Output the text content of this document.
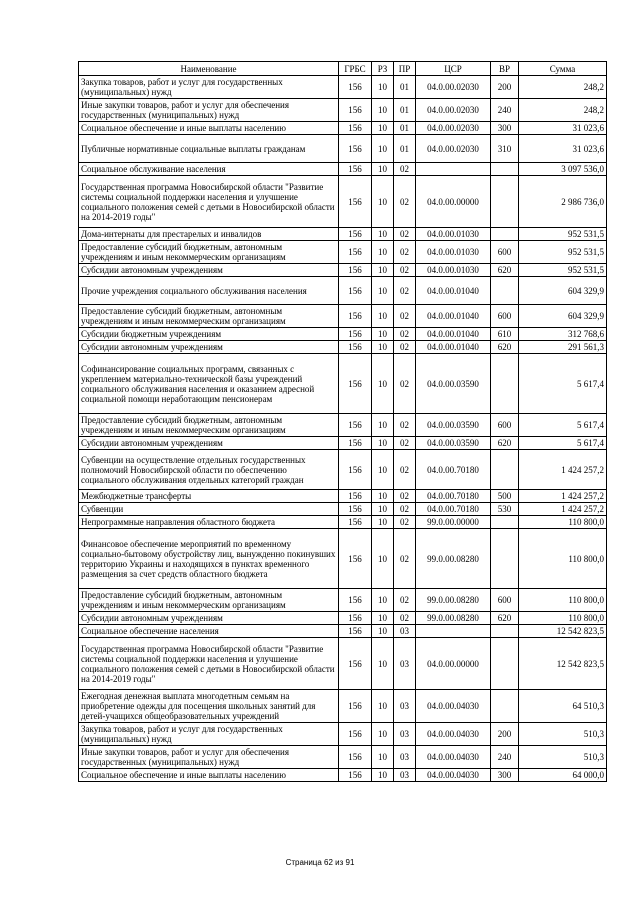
Наименование	ГРБС	РЗ	ПР	ЦСР	ВР	Сумма
Закупка товаров, работ и услуг для государственных (муниципальных) нужд	156	10	01	04.0.00.02030	200	248,2
Иные закупки товаров, работ и услуг для обеспечения государственных (муниципальных) нужд	156	10	01	04.0.00.02030	240	248,2
Социальное обеспечение и иные выплаты населению	156	10	01	04.0.00.02030	300	31 023,6
Публичные нормативные социальные выплаты гражданам	156	10	01	04.0.00.02030	310	31 023,6
Социальное обслуживание населения	156	10	02			3 097 536,0
Государственная программа Новосибирской области "Развитие системы социальной поддержки населения и улучшение социального положения семей с детьми в Новосибирской области на 2014-2019 годы"	156	10	02	04.0.00.00000		2 986 736,0
Дома-интернаты для престарелых и инвалидов	156	10	02	04.0.00.01030		952 531,5
Предоставление субсидий бюджетным, автономным учреждениям и иным некоммерческим организациям	156	10	02	04.0.00.01030	600	952 531,5
Субсидии автономным учреждениям	156	10	02	04.0.00.01030	620	952 531,5
Прочие учреждения социального обслуживания населения	156	10	02	04.0.00.01040		604 329,9
Предоставление субсидий бюджетным, автономным учреждениям и иным некоммерческим организациям	156	10	02	04.0.00.01040	600	604 329,9
Субсидии бюджетным учреждениям	156	10	02	04.0.00.01040	610	312 768,6
Субсидии автономным учреждениям	156	10	02	04.0.00.01040	620	291 561,3
Софинансирование социальных программ, связанных с укреплением материально-технической базы учреждений социального обслуживания населения и оказанием адресной социальной помощи неработающим пенсионерам	156	10	02	04.0.00.03590		5 617,4
Предоставление субсидий бюджетным, автономным учреждениям и иным некоммерческим организациям	156	10	02	04.0.00.03590	600	5 617,4
Субсидии автономным учреждениям	156	10	02	04.0.00.03590	620	5 617,4
Субвенции на осуществление отдельных государственных полномочий Новосибирской области по обеспечению социального обслуживания отдельных категорий граждан	156	10	02	04.0.00.70180		1 424 257,2
Межбюджетные трансферты	156	10	02	04.0.00.70180	500	1 424 257,2
Субвенции	156	10	02	04.0.00.70180	530	1 424 257,2
Непрограммные направления областного бюджета	156	10	02	99.0.00.00000		110 800,0
Финансовое обеспечение мероприятий по временному социально-бытовому обустройству лиц, вынужденно покинувших территорию Украины и находящихся в пунктах временного размещения за счет средств областного бюджета	156	10	02	99.0.00.08280		110 800,0
Предоставление субсидий бюджетным, автономным учреждениям и иным некоммерческим организациям	156	10	02	99.0.00.08280	600	110 800,0
Субсидии автономным учреждениям	156	10	02	99.0.00.08280	620	110 800,0
Социальное обеспечение населения	156	10	03			12 542 823,5
Государственная программа Новосибирской области "Развитие системы социальной поддержки населения и улучшение социального положения семей с детьми в Новосибирской области на 2014-2019 годы"	156	10	03	04.0.00.00000		12 542 823,5
Ежегодная денежная выплата многодетным семьям на приобретение одежды для посещения школьных занятий для детей-учащихся общеобразовательных учреждений	156	10	03	04.0.00.04030		64 510,3
Закупка товаров, работ и услуг для государственных (муниципальных) нужд	156	10	03	04.0.00.04030	200	510,3
Иные закупки товаров, работ и услуг для обеспечения государственных (муниципальных) нужд	156	10	03	04.0.00.04030	240	510,3
Социальное обеспечение и иные выплаты населению	156	10	03	04.0.00.04030	300	64 000,0
Страница 62 из 91
